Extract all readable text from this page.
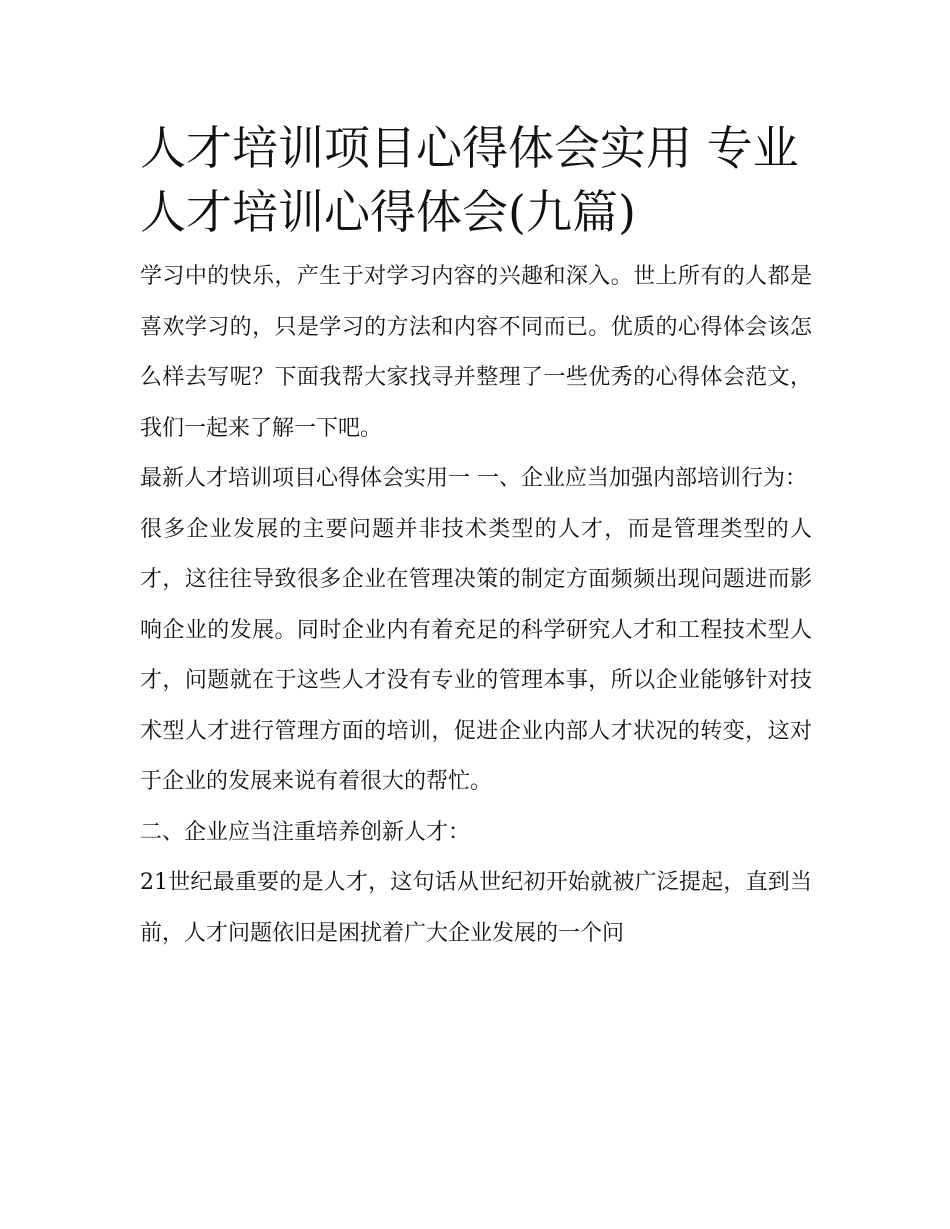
人才培训项目心得体会实用 专业人才培训心得体会(九篇)

学习中的快乐，产生于对学习内容的兴趣和深入。世上所有的人都是喜欢学习的，只是学习的方法和内容不同而已。优质的心得体会该怎么样去写呢？下面我帮大家找寻并整理了一些优秀的心得体会范文，我们一起来了解一下吧。

最新人才培训项目心得体会实用一 一、企业应当加强内部培训行为：

很多企业发展的主要问题并非技术类型的人才，而是管理类型的人才，这往往导致很多企业在管理决策的制定方面频频出现问题进而影响企业的发展。同时企业内有着充足的科学研究人才和工程技术型人才，问题就在于这些人才没有专业的管理本事，所以企业能够针对技术型人才进行管理方面的培训，促进企业内部人才状况的转变，这对于企业的发展来说有着很大的帮忙。

二、企业应当注重培养创新人才：

21世纪最重要的是人才，这句话从世纪初开始就被广泛提起，直到当前，人才问题依旧是困扰着广大企业发展的一个问
